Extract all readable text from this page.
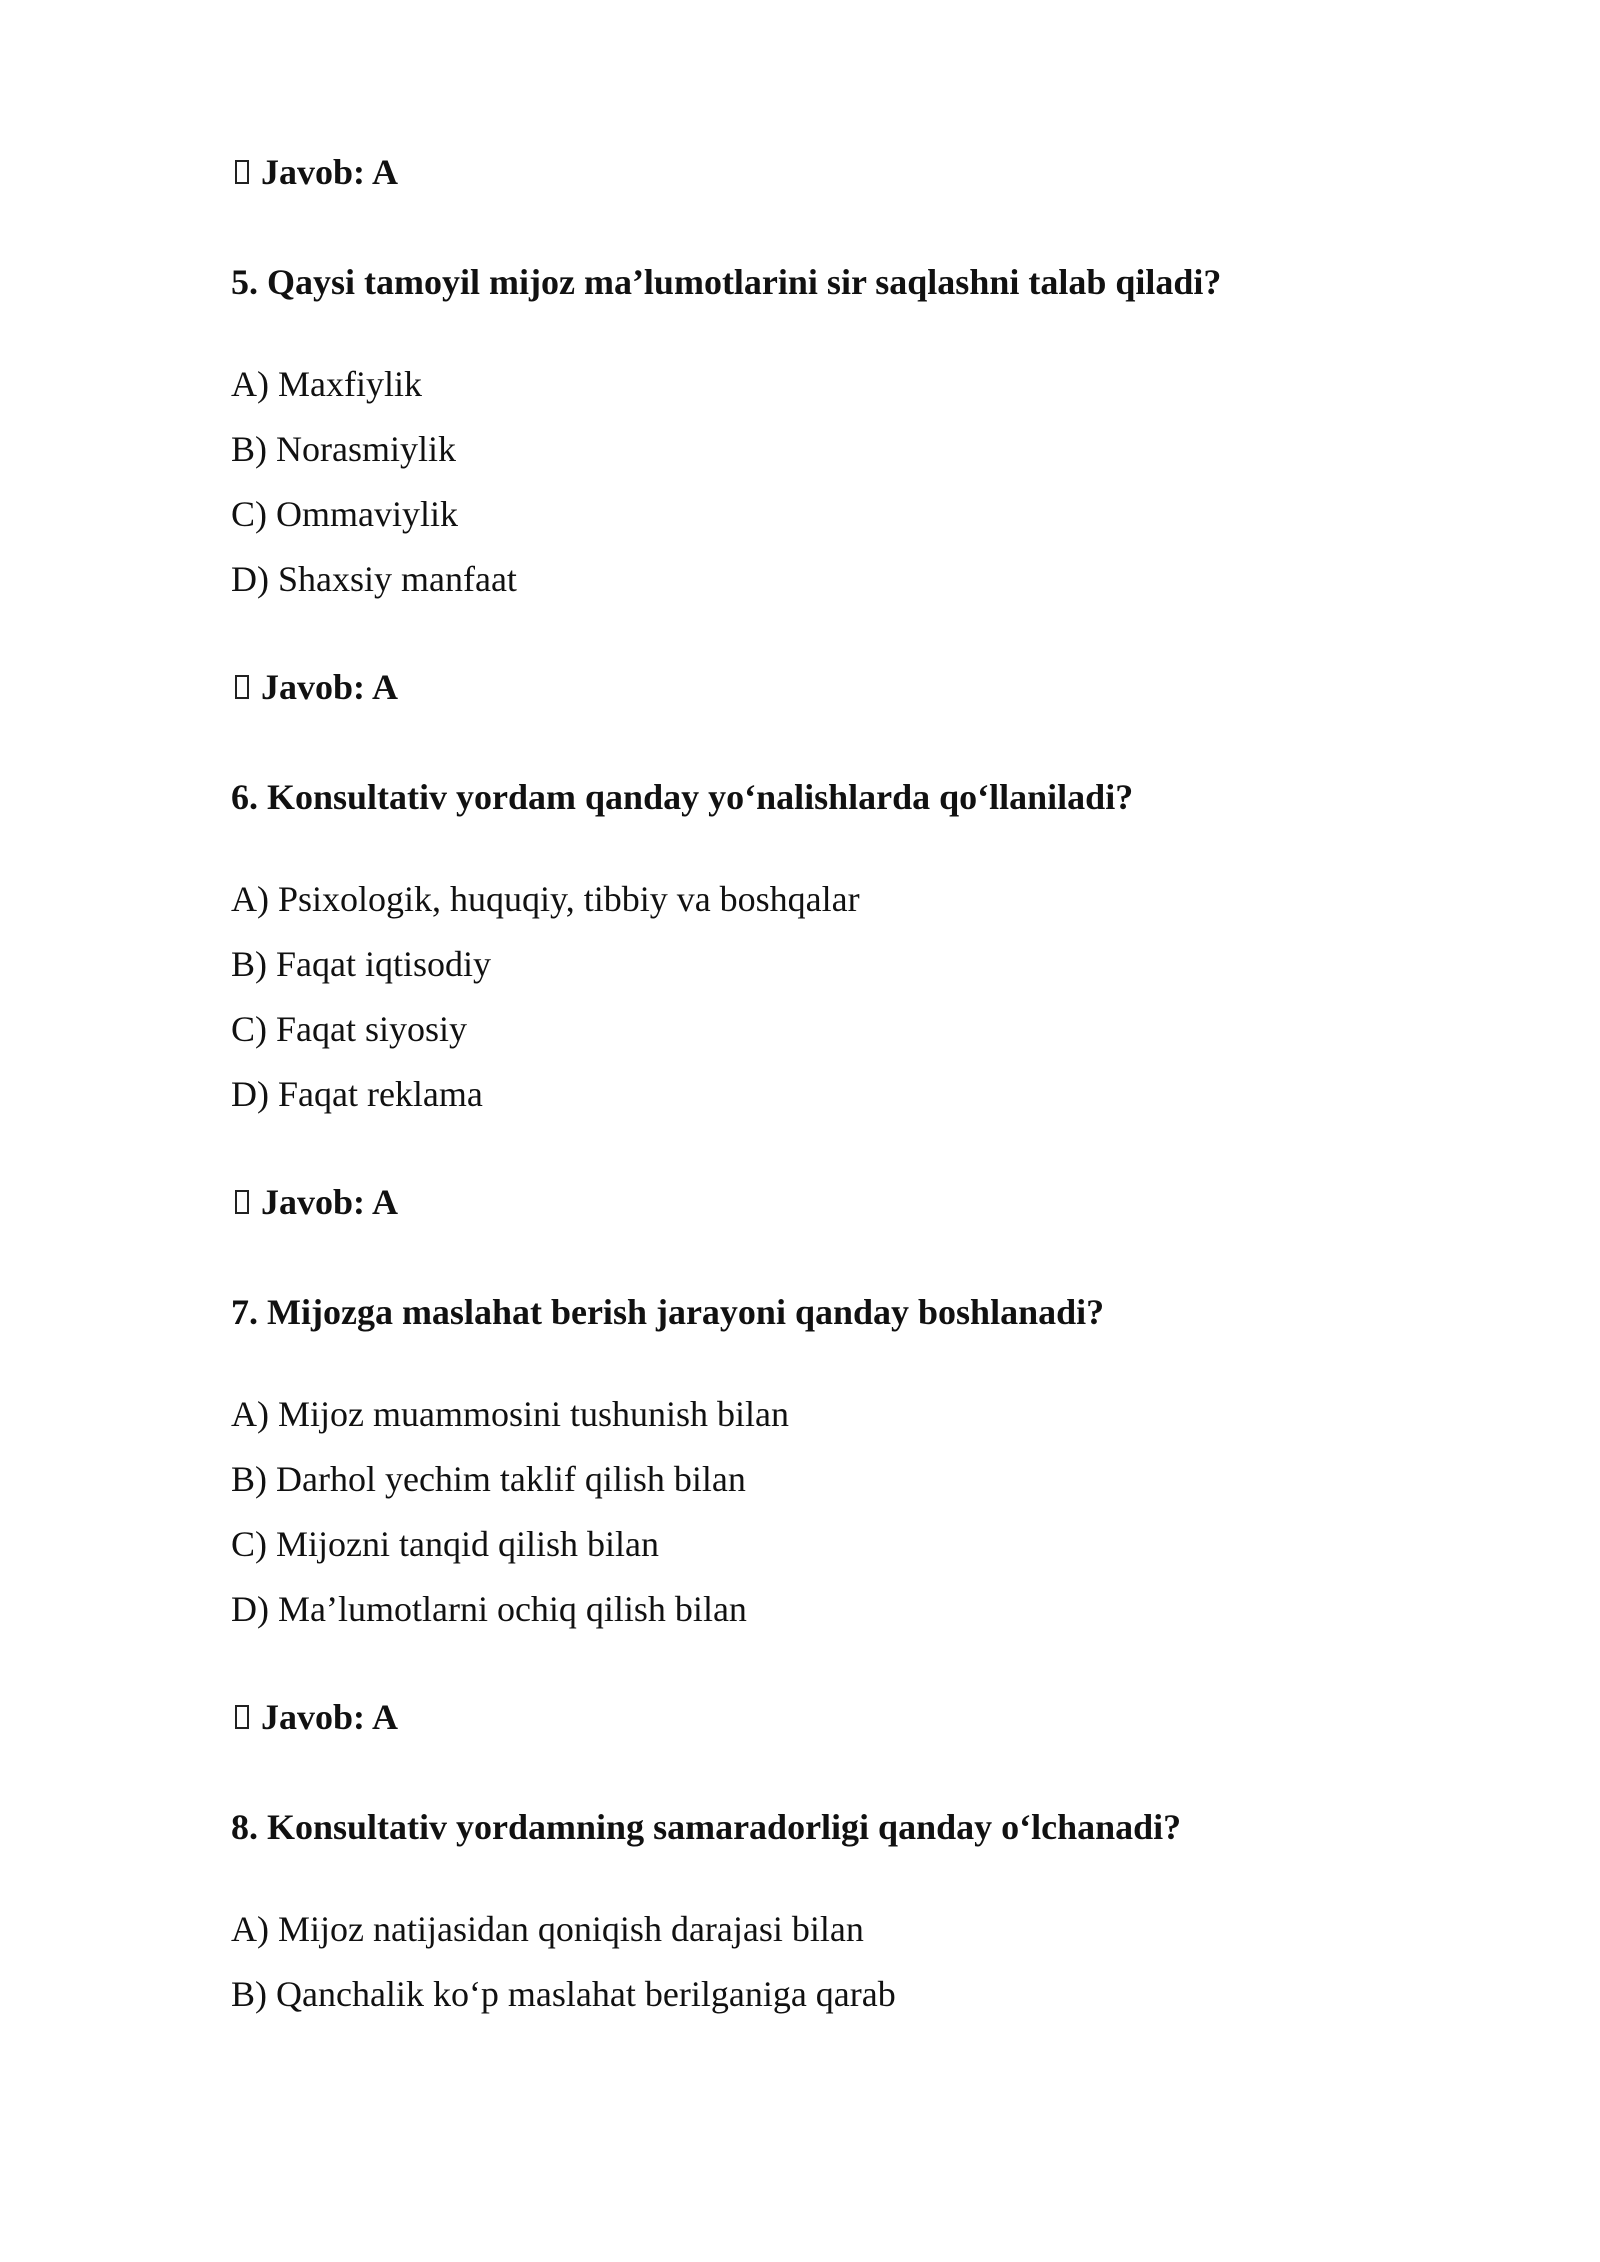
Javob: A
5. Qaysi tamoyil mijoz ma’lumotlarini sir saqlashni talab qiladi?
A) Maxfiylik
B) Norasmiylik
C) Ommaviylik
D) Shaxsiy manfaat
Javob: A
6. Konsultativ yordam qanday yo‘nalishlarda qo‘llaniladi?
A) Psixologik, huquqiy, tibbiy va boshqalar
B) Faqat iqtisodiy
C) Faqat siyosiy
D) Faqat reklama
Javob: A
7. Mijozga maslahat berish jarayoni qanday boshlanadi?
A) Mijoz muammosini tushunish bilan
B) Darhol yechim taklif qilish bilan
C) Mijozni tanqid qilish bilan
D) Ma’lumotlarni ochiq qilish bilan
Javob: A
8. Konsultativ yordamning samaradorligi qanday o‘lchanadi?
A) Mijoz natijasidan qoniqish darajasi bilan
B) Qanchalik ko‘p maslahat berilganiga qarab
